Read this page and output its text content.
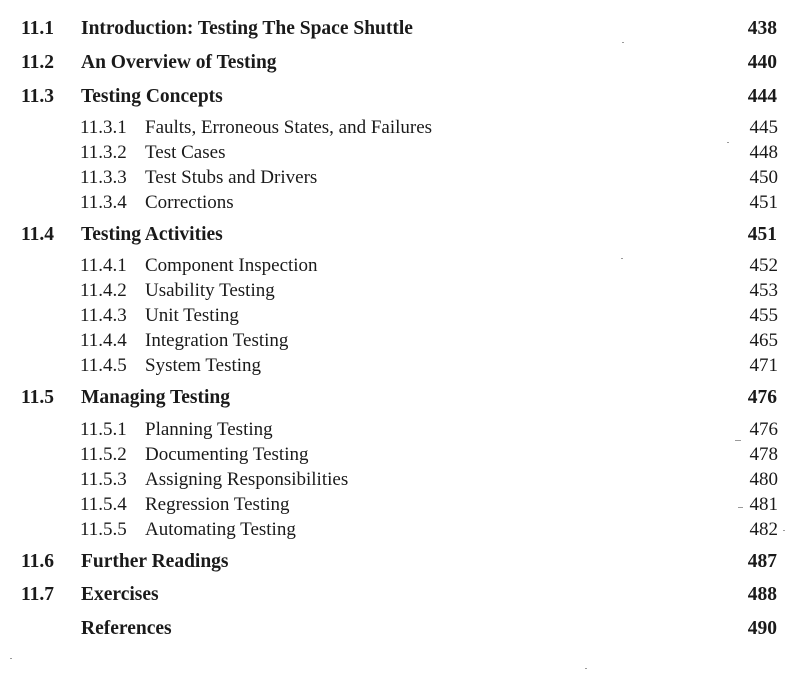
11.1 Introduction: Testing The Space Shuttle	438
11.2 An Overview of Testing	440
11.3 Testing Concepts	444
11.3.1 Faults, Erroneous States, and Failures	445
11.3.2 Test Cases	448
11.3.3 Test Stubs and Drivers	450
11.3.4 Corrections	451
11.4 Testing Activities	451
11.4.1 Component Inspection	452
11.4.2 Usability Testing	453
11.4.3 Unit Testing	455
11.4.4 Integration Testing	465
11.4.5 System Testing	471
11.5 Managing Testing	476
11.5.1 Planning Testing	476
11.5.2 Documenting Testing	478
11.5.3 Assigning Responsibilities	480
11.5.4 Regression Testing	481
11.5.5 Automating Testing	482
11.6 Further Readings	487
11.7 Exercises	488
References	490
